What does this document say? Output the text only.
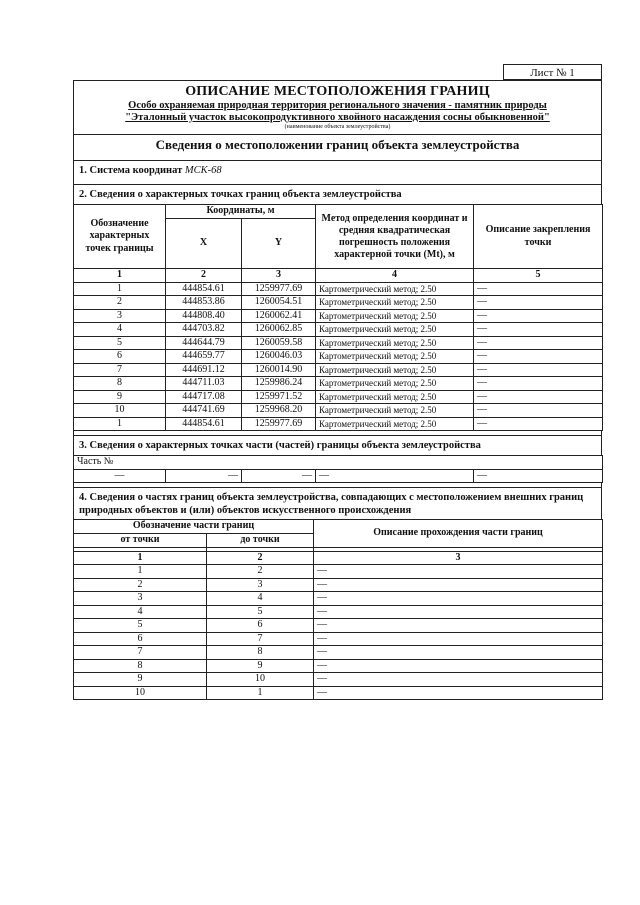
Лист № 1
ОПИСАНИЕ МЕСТОПОЛОЖЕНИЯ ГРАНИЦ
Особо охраняемая природная территория регионального значения - памятник природы
"Эталонный участок высокопродуктивного хвойного насаждения сосны обыкновенной"
(наименование объекта землеустройства)
Сведения о местоположении границ объекта землеустройства
1. Система координат МСК-68
2. Сведения о характерных точках границ объекта землеустройства
Обозначение характерных точек границы	Координаты, м		Метод определения координат и средняя квадратическая погрешность положения характерной точки (Mt), м	Описание закрепления точки
	X	Y		
1	2	3	4	5
1	444854.61	1259977.69	Картометрический метод; 2.50	—
2	444853.86	1260054.51	Картометрический метод; 2.50	—
3	444808.40	1260062.41	Картометрический метод; 2.50	—
4	444703.82	1260062.85	Картометрический метод; 2.50	—
5	444644.79	1260059.58	Картометрический метод; 2.50	—
6	444659.77	1260046.03	Картометрический метод; 2.50	—
7	444691.12	1260014.90	Картометрический метод; 2.50	—
8	444711.03	1259986.24	Картометрический метод; 2.50	—
9	444717.08	1259971.52	Картометрический метод; 2.50	—
10	444741.69	1259968.20	Картометрический метод; 2.50	—
1	444854.61	1259977.69	Картометрический метод; 2.50	—
3. Сведения о характерных точках части (частей) границы объекта землеустройства
Часть №
—	—	—	—	—
4. Сведения о частях границ объекта землеустройства, совпадающих с местоположением внешних границ природных объектов и (или) объектов искусственного происхождения
Обозначение части границ		Описание прохождения части границ
от точки	до точки	

1	2	3
1	2	—
2	3	—
3	4	—
4	5	—
5	6	—
6	7	—
7	8	—
8	9	—
9	10	—
10	1	—
